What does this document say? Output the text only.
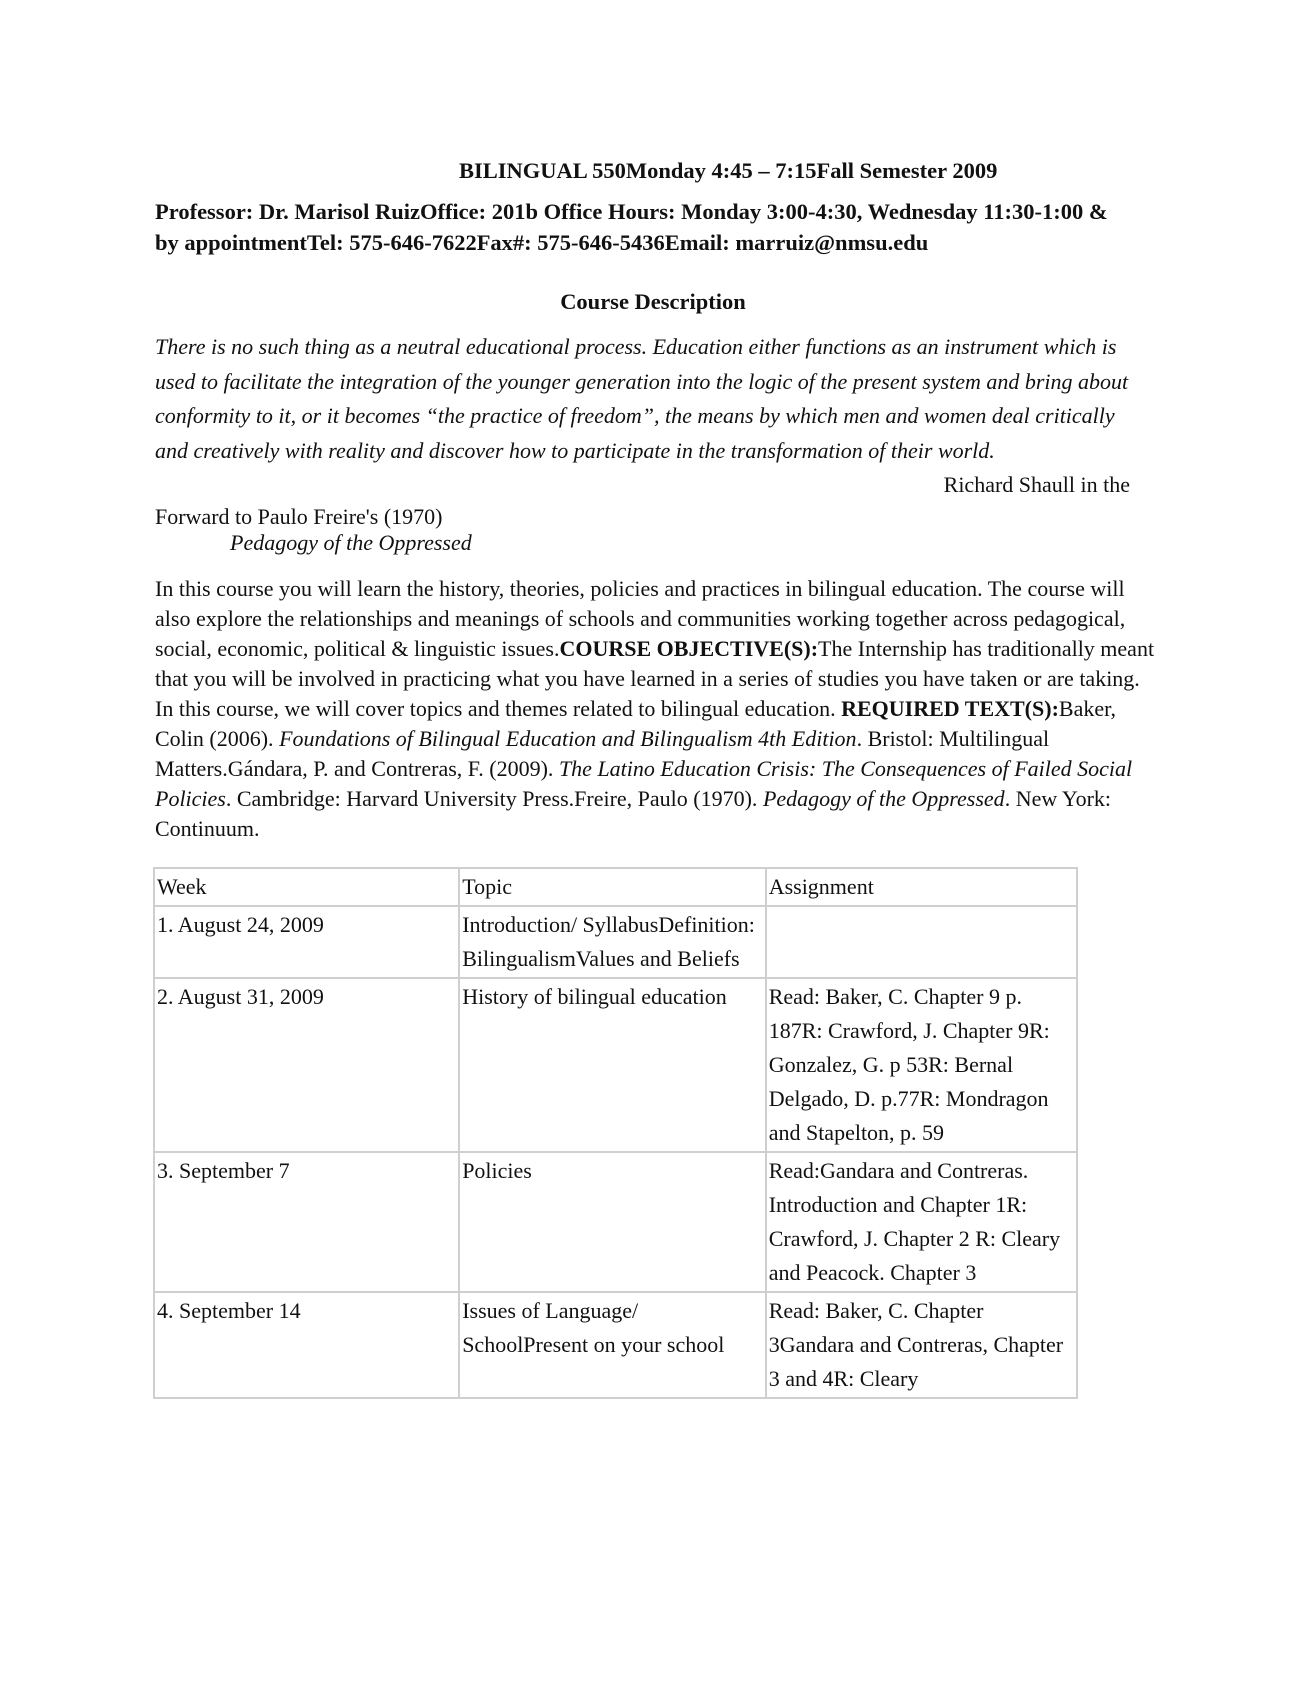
BILINGUAL 550Monday 4:45 – 7:15Fall Semester 2009
Professor: Dr. Marisol RuizOffice: 201b Office Hours: Monday 3:00-4:30, Wednesday 11:30-1:00 & by appointmentTel: 575-646-7622Fax#: 575-646-5436Email: marruiz@nmsu.edu
Course Description
There is no such thing as a neutral educational process. Education either functions as an instrument which is used to facilitate the integration of the younger generation into the logic of the present system and bring about conformity to it, or it becomes “the practice of freedom”, the means by which men and women deal critically and creatively with reality and discover how to participate in the transformation of their world.
Richard Shaull in the
Forward to Paulo Freire's (1970)
Pedagogy of the Oppressed
In this course you will learn the history, theories, policies and practices in bilingual education. The course will also explore the relationships and meanings of schools and communities working together across pedagogical, social, economic, political & linguistic issues.COURSE OBJECTIVE(S):The Internship has traditionally meant that you will be involved in practicing what you have learned in a series of studies you have taken or are taking. In this course, we will cover topics and themes related to bilingual education. REQUIRED TEXT(S):Baker, Colin (2006). Foundations of Bilingual Education and Bilingualism 4th Edition. Bristol: Multilingual Matters.Gándara, P. and Contreras, F. (2009). The Latino Education Crisis: The Consequences of Failed Social Policies. Cambridge: Harvard University Press.Freire, Paulo (1970). Pedagogy of the Oppressed. New York: Continuum.
Week	Topic	Assignment
1. August 24, 2009	Introduction/ SyllabusDefinition: BilingualismValues and Beliefs	
2. August 31, 2009	History of bilingual education	Read: Baker, C. Chapter 9 p. 187R: Crawford, J. Chapter 9R: Gonzalez, G. p 53R: Bernal Delgado, D. p.77R: Mondragon and Stapelton, p. 59
3. September 7	Policies	Read:Gandara and Contreras. Introduction and Chapter 1R: Crawford, J. Chapter 2 R: Cleary and Peacock. Chapter 3
4. September 14	Issues of Language/ SchoolPresent on your school	Read: Baker, C. Chapter 3Gandara and Contreras, Chapter 3 and 4R: Cleary
